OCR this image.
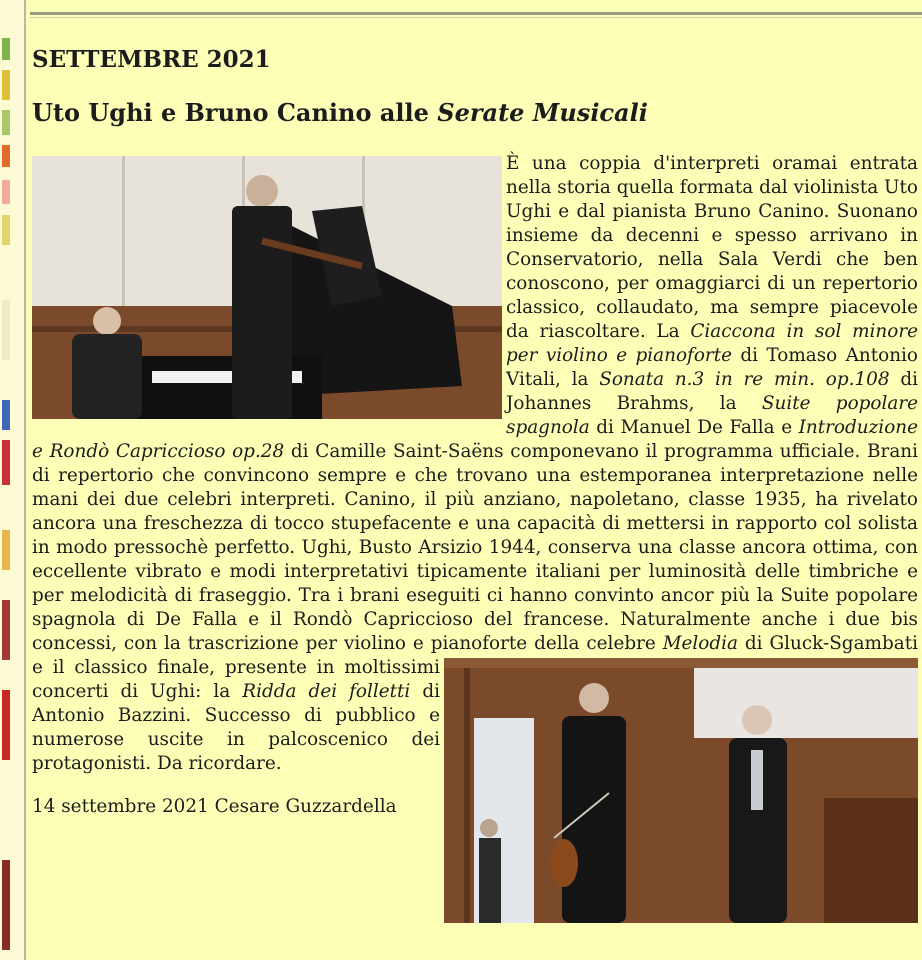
SETTEMBRE 2021
Uto Ughi e Bruno Canino alle Serate Musicali
È una coppia d'interpreti oramai entrata nella storia quella formata dal violinista Uto Ughi e dal pianista Bruno Canino. Suonano insieme da decenni e spesso arrivano in Conservatorio, nella Sala Verdi che ben conoscono, per omaggiarci di un repertorio classico, collaudato, ma sempre piacevole da riascoltare. La Ciaccona in sol minore per violino e pianoforte di Tomaso Antonio Vitali, la Sonata n.3 in re min. op.108 di Johannes Brahms, la Suite popolare spagnola di Manuel De Falla e Introduzione e Rondò Capriccioso op.28 di Camille Saint-Saëns componevano il programma ufficiale. Brani di repertorio che convincono sempre e che trovano una estemporanea interpretazione nelle mani dei due celebri interpreti. Canino, il più anziano, napoletano, classe 1935, ha rivelato ancora una freschezza di tocco stupefacente e una capacità di mettersi in rapporto col solista in modo pressochè perfetto. Ughi, Busto Arsizio 1944, conserva una classe ancora ottima, con eccellente vibrato e modi interpretativi tipicamente italiani per luminosità delle timbriche e per melodicità di fraseggio. Tra i brani eseguiti ci hanno convinto ancor più la Suite popolare spagnola di De Falla e il Rondò Capriccioso del francese. Naturalmente anche i due bis concessi, con la trascrizione per violino e pianoforte della celebre
Melodia di Gluck-Sgambati e il classico finale, presente in moltissimi concerti di Ughi: la Ridda dei folletti di Antonio Bazzini. Successo di pubblico e numerose uscite in palcoscenico dei protagonisti. Da ricordare.
14 settembre 2021 Cesare Guzzardella
